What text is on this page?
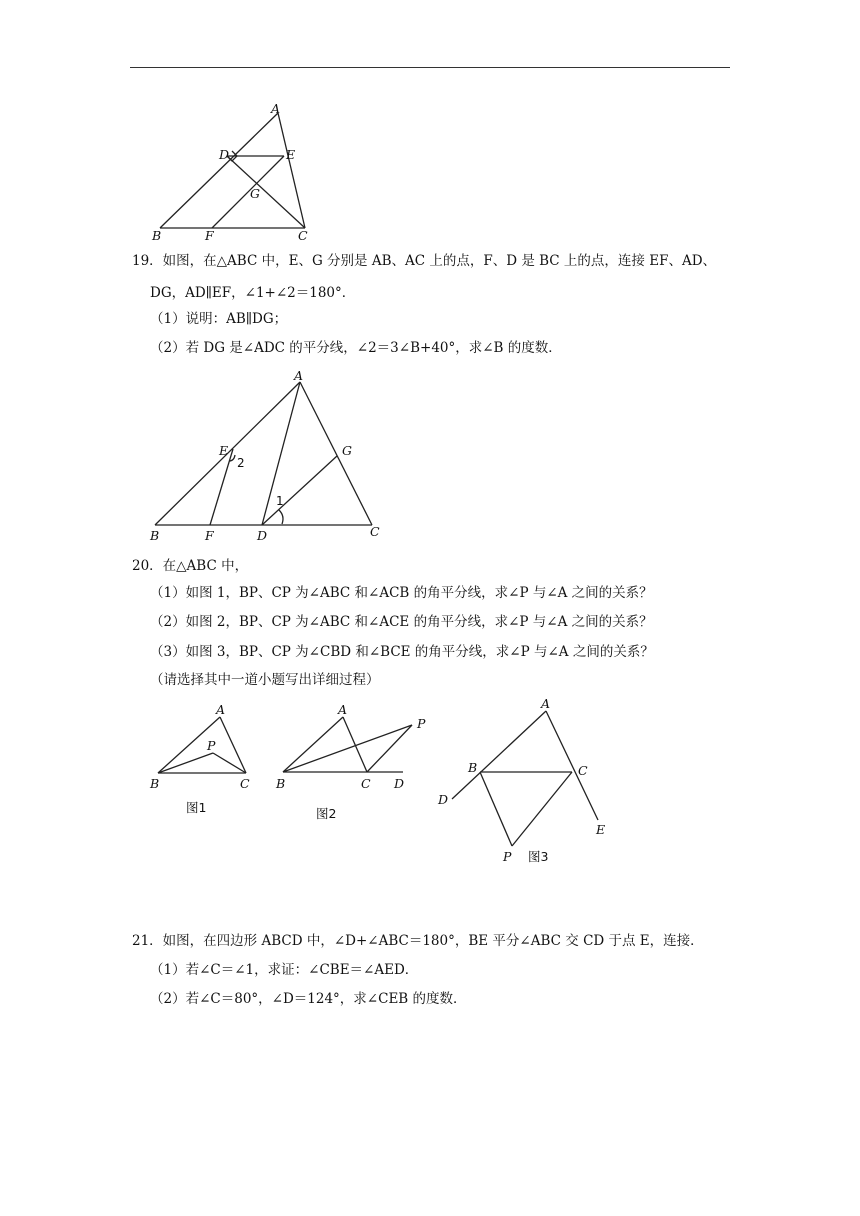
A
D	E
G
B	F	C
19．如图，在△ABC 中，E、G 分别是 AB、AC 上的点，F、D 是 BC 上的点，连接 EF、AD、
DG，AD∥EF，∠1+∠2＝180°．
（1）说明：AB∥DG；
（2）若 DG 是∠ADC 的平分线，∠2＝3∠B+40°，求∠B 的度数．
A
E
2
G
1
B	F	D	C
20．在△ABC 中，
（1）如图 1，BP、CP 为∠ABC 和∠ACB 的角平分线，求∠P 与∠A 之间的关系？
（2）如图 2，BP、CP 为∠ABC 和∠ACE 的角平分线，求∠P 与∠A 之间的关系？
（3）如图 3，BP、CP 为∠CBD 和∠BCE 的角平分线，求∠P 与∠A 之间的关系？
（请选择其中一道小题写出详细过程）
A
P
B	C
图1
A
P
B	C D
图2
A
B	C
D
E
P 图3
21．如图，在四边形 ABCD 中，∠D+∠ABC＝180°，BE 平分∠ABC 交 CD 于点 E，连接．
（1）若∠C＝∠1，求证：∠CBE＝∠AED．
（2）若∠C＝80°，∠D＝124°，求∠CEB 的度数．
